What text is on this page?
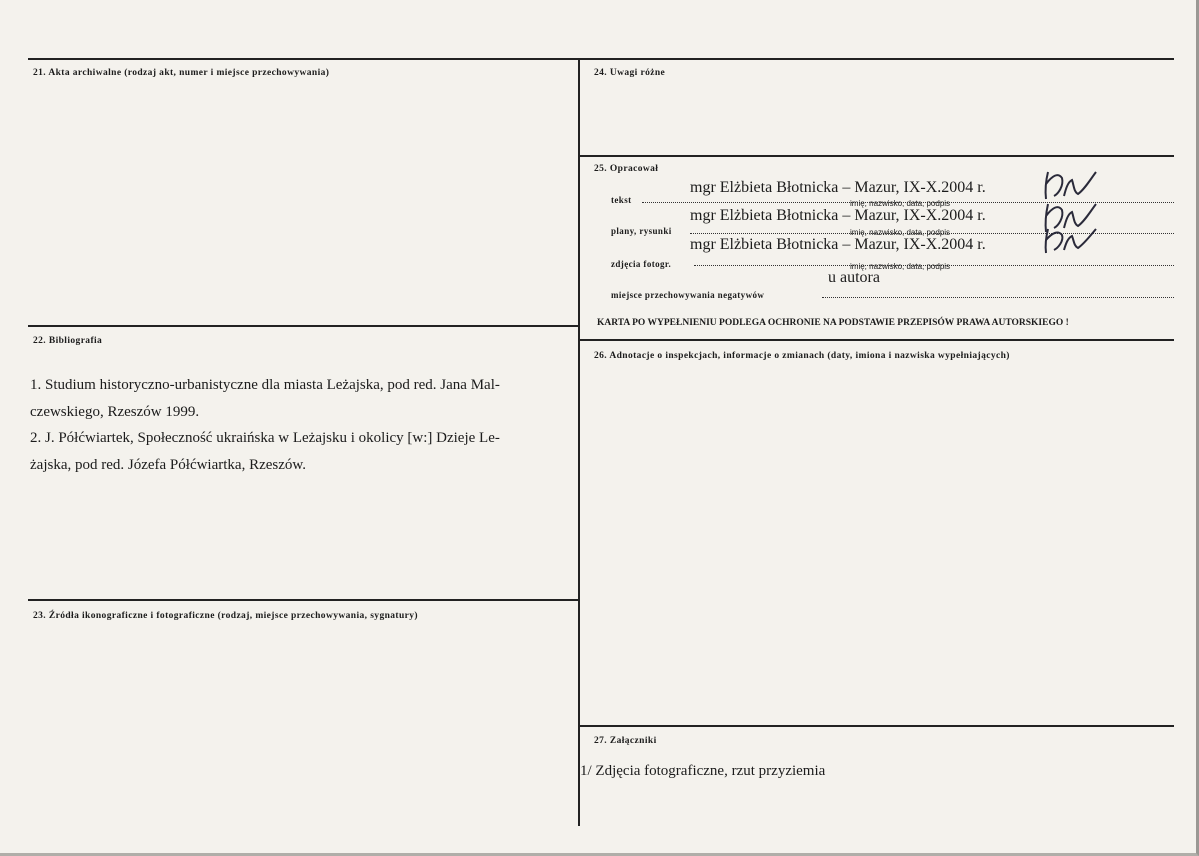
21. Akta archiwalne (rodzaj akt, numer i miejsce przechowywania)
22. Bibliografia
1. Studium historyczno-urbanistyczne dla miasta Leżajska, pod red. Jana Mal-
czewskiego, Rzeszów 1999.
2. J. Półćwiartek, Społeczność ukraińska w Leżajsku i okolicy [w:] Dzieje Le-
żajska, pod red. Józefa Półćwiartka, Rzeszów.
23. Źródła ikonograficzne i fotograficzne (rodzaj, miejsce przechowywania, sygnatury)
24. Uwagi różne
25. Opracował
tekst
mgr Elżbieta Błotnicka – Mazur, IX-X.2004 r.
imię, nazwisko, data, podpis
plany, rysunki
mgr Elżbieta Błotnicka – Mazur, IX-X.2004 r.
imię, nazwisko, data, podpis
zdjęcia fotogr.
mgr Elżbieta Błotnicka – Mazur, IX-X.2004 r.
imię, nazwisko, data, podpis
miejsce przechowywania negatywów
u autora
KARTA PO WYPEŁNIENIU PODLEGA OCHRONIE NA PODSTAWIE PRZEPISÓW PRAWA AUTORSKIEGO !
26. Adnotacje o inspekcjach, informacje o zmianach (daty, imiona i nazwiska wypełniających)
27. Załączniki
1/ Zdjęcia fotograficzne, rzut przyziemia
